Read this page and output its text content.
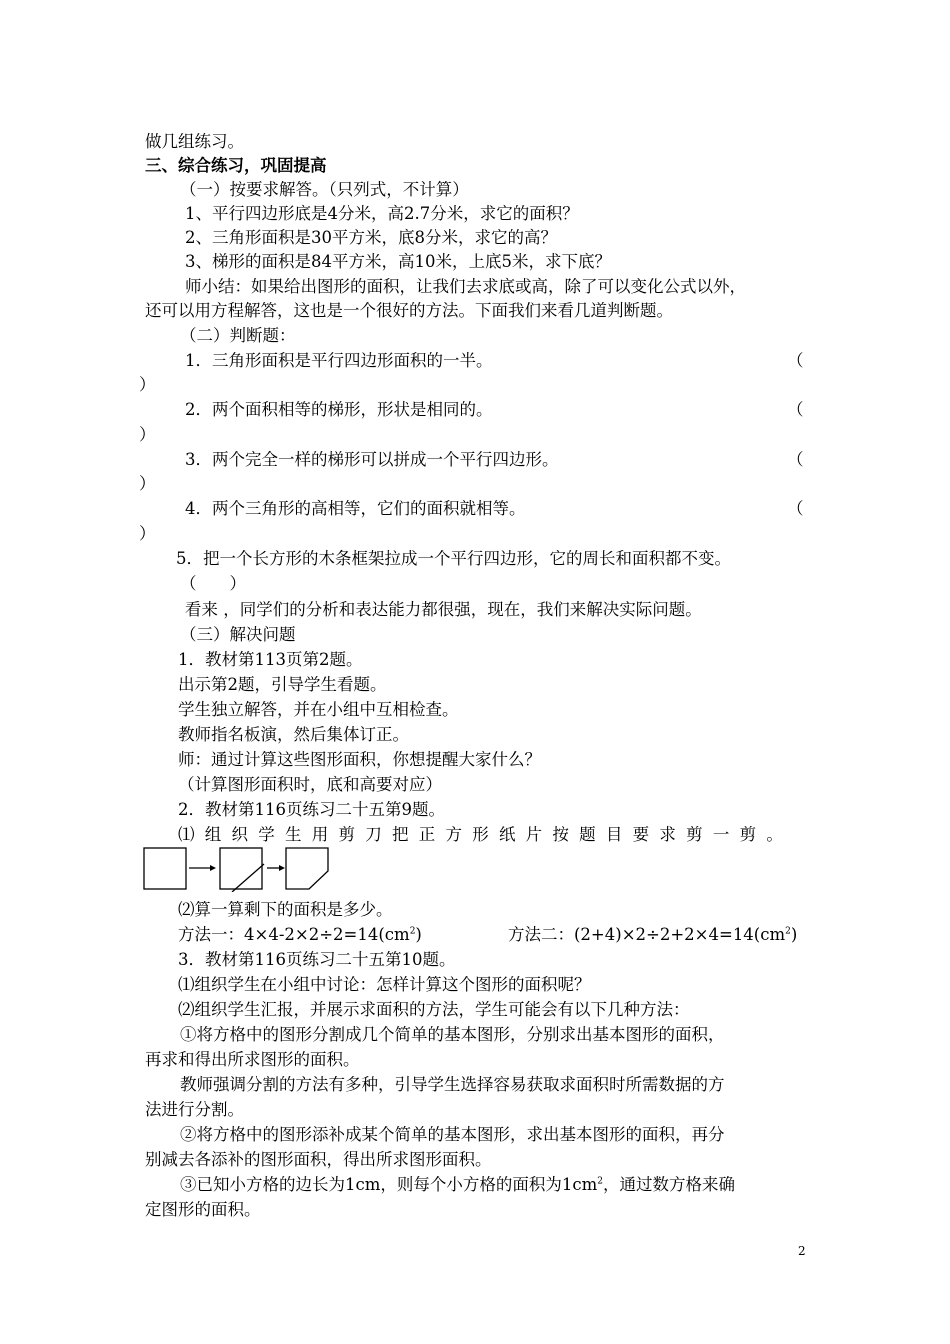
做几组练习。
三、综合练习，巩固提高
（一）按要求解答。（只列式，不计算）
1、平行四边形底是4分米，高2.7分米，求它的面积？
2、三角形面积是30平方米，底8分米，求它的高？
3、梯形的面积是84平方米，高10米，上底5米，求下底？
师小结：如果给出图形的面积，让我们去求底或高，除了可以变化公式以外，
还可以用方程解答，这也是一个很好的方法。下面我们来看几道判断题。
（二）判断题：
1．三角形面积是平行四边形面积的一半。	（
）
2．两个面积相等的梯形，形状是相同的。	（
）
3．两个完全一样的梯形可以拼成一个平行四边形。	（
）
4．两个三角形的高相等，它们的面积就相等。	（
）
5．把一个长方形的木条框架拉成一个平行四边形，它的周长和面积都不变。
（　　）
看来 ，同学们的分析和表达能力都很强，现在，我们来解决实际问题。
（三）解决问题
1．教材第113页第2题。
出示第2题，引导学生看题。
学生独立解答，并在小组中互相检查。
教师指名板演，然后集体订正。
师：通过计算这些图形面积，你想提醒大家什么？
（计算图形面积时，底和高要对应）
2．教材第116页练习二十五第9题。
⑴ 组 织 学 生 用 剪 刀 把 正 方 形 纸 片 按 题 目 要 求 剪 一 剪 。
⑵算一算剩下的面积是多少。
方法一：$4\times 4-2\times 2\div 2=14(cm^2)$	方法二：$(2+4)\times 2\div 2+2\times 4=14(cm^2)$
3．教材第116页练习二十五第10题。
⑴组织学生在小组中讨论：怎样计算这个图形的面积呢？
⑵组织学生汇报，并展示求面积的方法，学生可能会有以下几种方法：
①将方格中的图形分割成几个简单的基本图形，分别求出基本图形的面积，
再求和得出所求图形的面积。
教师强调分割的方法有多种，引导学生选择容易获取求面积时所需数据的方
法进行分割。
②将方格中的图形添补成某个简单的基本图形，求出基本图形的面积，再分
别减去各添补的图形面积，得出所求图形面积。
③已知小方格的边长为1cm，则每个小方格的面积为$1cm^2$，通过数方格来确
定图形的面积。
2
